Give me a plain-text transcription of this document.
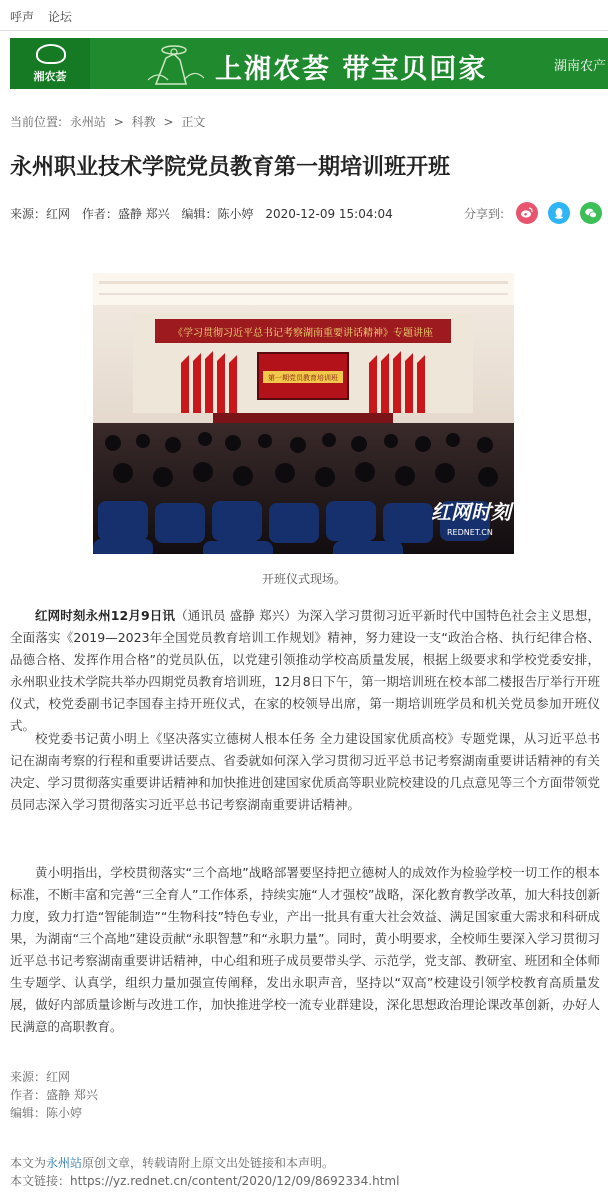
呼声 论坛
湘农荟	上湘农荟 带宝贝回家	湖南农产
当前位置: 永州站 > 科教 > 正文
永州职业技术学院党员教育第一期培训班开班
来源：红网 作者：盛静 郑兴 编辑：陈小婷 2020-12-09 15:04:04	分享到:
《学习贯彻习近平总书记考察湖南重要讲话精神》专题讲座
第一期党员教育培训班
红网时刻
REDNET.CN
开班仪式现场。

红网时刻永州12月9日讯（通讯员 盛静 郑兴）为深入学习贯彻习近平新时代中国特色社会主义思想，全面落实《2019—2023年全国党员教育培训工作规划》精神，努力建设一支“政治合格、执行纪律合格、品德合格、发挥作用合格”的党员队伍，以党建引领推动学校高质量发展，根据上级要求和学校党委安排，永州职业技术学院共举办四期党员教育培训班，12月8日下午，第一期培训班在校本部二楼报告厅举行开班仪式，校党委副书记李国春主持开班仪式，在家的校领导出席，第一期培训班学员和机关党员参加开班仪式。

校党委书记黄小明上《坚决落实立德树人根本任务 全力建设国家优质高校》专题党课，从习近平总书记在湖南考察的行程和重要讲话要点、省委就如何深入学习贯彻习近平总书记考察湖南重要讲话精神的有关决定、学习贯彻落实重要讲话精神和加快推进创建国家优质高等职业院校建设的几点意见等三个方面带领党员同志深入学习贯彻落实习近平总书记考察湖南重要讲话精神。

黄小明指出，学校贯彻落实“三个高地”战略部署要坚持把立德树人的成效作为检验学校一切工作的根本标准，不断丰富和完善“三全育人”工作体系，持续实施“人才强校”战略，深化教育教学改革，加大科技创新力度，致力打造“智能制造”“生物科技”特色专业，产出一批具有重大社会效益、满足国家重大需求和科研成果，为湖南“三个高地”建设贡献“永职智慧”和“永职力量”。同时，黄小明要求，全校师生要深入学习贯彻习近平总书记考察湖南重要讲话精神，中心组和班子成员要带头学、示范学，党支部、教研室、班团和全体师生专题学、认真学，组织力量加强宣传阐释，发出永职声音，坚持以“双高”校建设引领学校教育高质量发展，做好内部质量诊断与改进工作，加快推进学校一流专业群建设，深化思想政治理论课改革创新，办好人民满意的高职教育。

来源：红网
作者：盛静 郑兴
编辑：陈小婷
本文为永州站原创文章，转载请附上原文出处链接和本声明。
本文链接：https://yz.rednet.cn/content/2020/12/09/8692334.html
